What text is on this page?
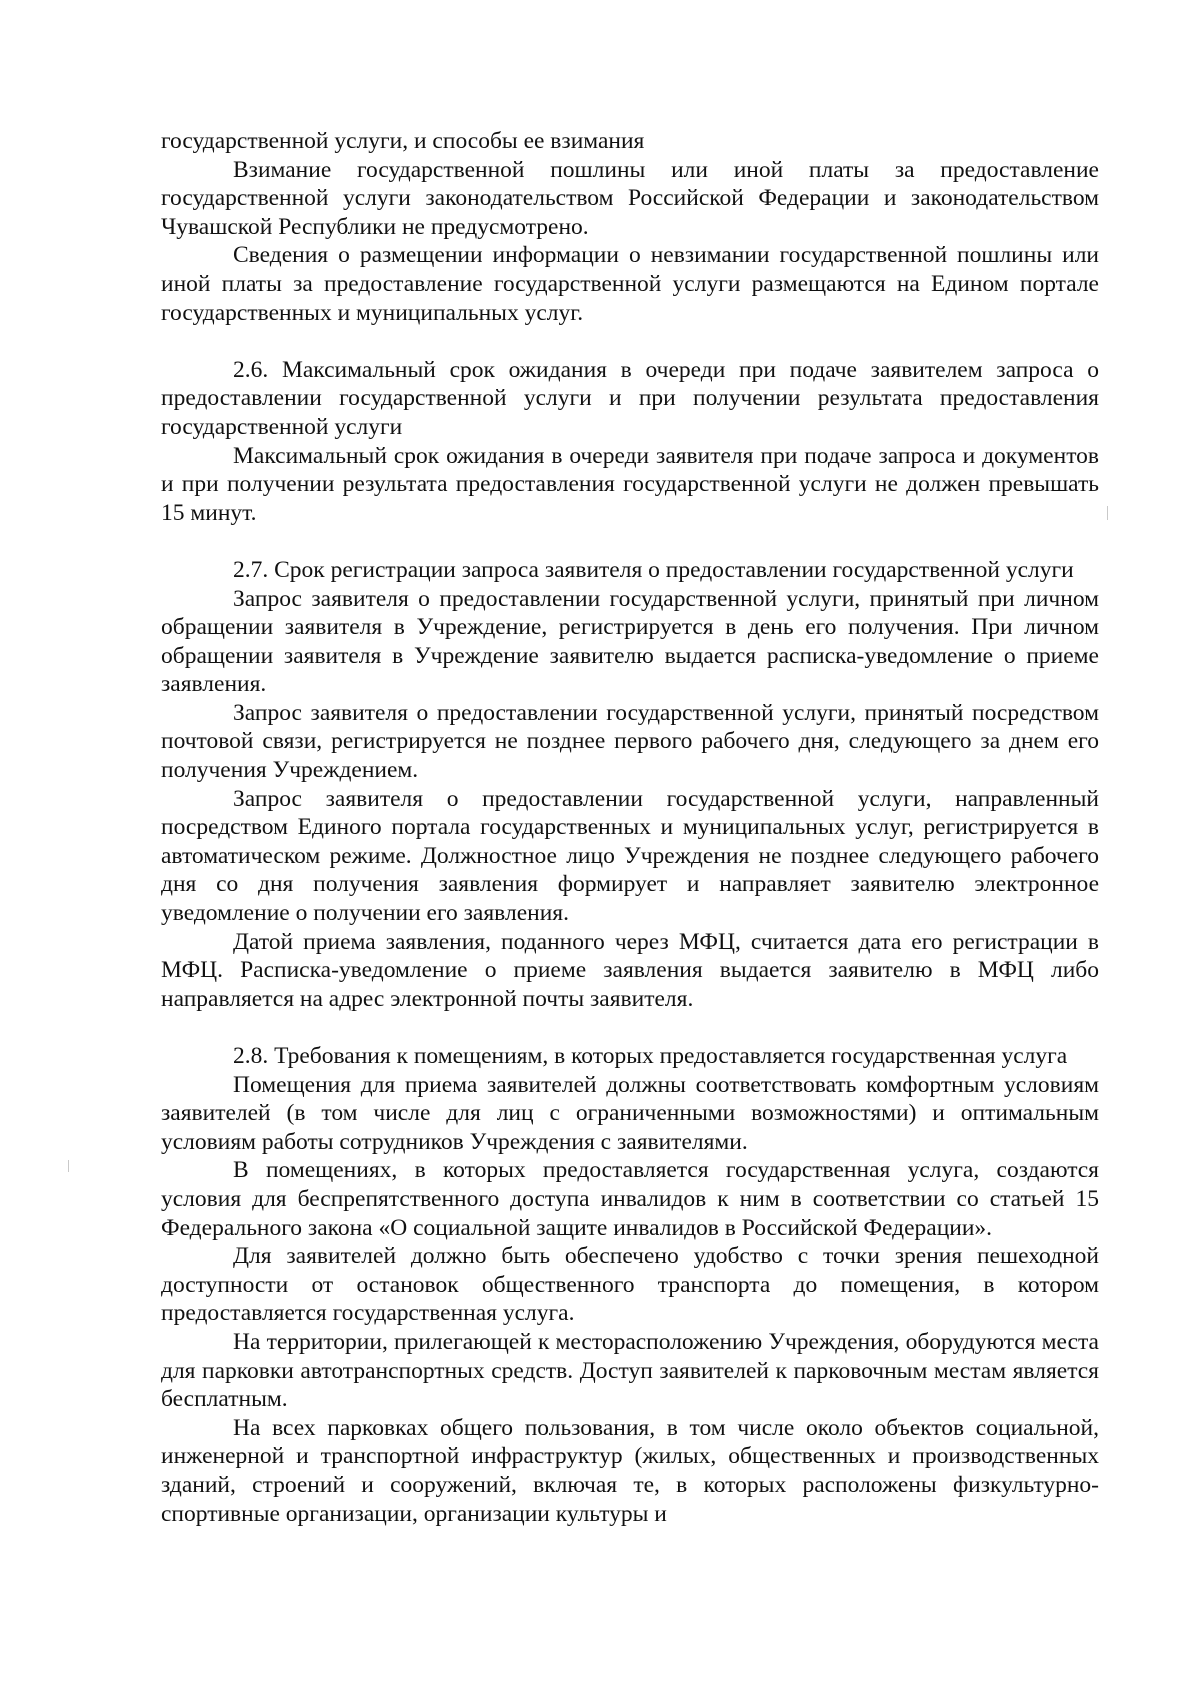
государственной услуги, и способы ее взимания

Взимание государственной пошлины или иной платы за предоставление государственной услуги законодательством Российской Федерации и законодательством Чувашской Республики не предусмотрено.

Сведения о размещении информации о невзимании государственной пошлины или иной платы за предоставление государственной услуги размещаются на Едином портале государственных и муниципальных услуг.

2.6. Максимальный срок ожидания в очереди при подаче заявителем запроса о предоставлении государственной услуги и при получении результата предоставления государственной услуги

Максимальный срок ожидания в очереди заявителя при подаче запроса и документов и при получении результата предоставления государственной услуги не должен превышать 15 минут.

2.7. Срок регистрации запроса заявителя о предоставлении государственной услуги

Запрос заявителя о предоставлении государственной услуги, принятый при личном обращении заявителя в Учреждение, регистрируется в день его получения. При личном обращении заявителя в Учреждение заявителю выдается расписка-уведомление о приеме заявления.

Запрос заявителя о предоставлении государственной услуги, принятый посредством почтовой связи, регистрируется не позднее первого рабочего дня, следующего за днем его получения Учреждением.

Запрос заявителя о предоставлении государственной услуги, направленный посредством Единого портала государственных и муниципальных услуг, регистрируется в автоматическом режиме. Должностное лицо Учреждения не позднее следующего рабочего дня со дня получения заявления формирует и направляет заявителю электронное уведомление о получении его заявления.

Датой приема заявления, поданного через МФЦ, считается дата его регистрации в МФЦ. Расписка-уведомление о приеме заявления выдается заявителю в МФЦ либо направляется на адрес электронной почты заявителя.

2.8. Требования к помещениям, в которых предоставляется государственная услуга

Помещения для приема заявителей должны соответствовать комфортным условиям заявителей (в том числе для лиц с ограниченными возможностями) и оптимальным условиям работы сотрудников Учреждения с заявителями.

В помещениях, в которых предоставляется государственная услуга, создаются условия для беспрепятственного доступа инвалидов к ним в соответствии со статьей 15 Федерального закона «О социальной защите инвалидов в Российской Федерации».

Для заявителей должно быть обеспечено удобство с точки зрения пешеходной доступности от остановок общественного транспорта до помещения, в котором предоставляется государственная услуга.

На территории, прилегающей к месторасположению Учреждения, оборудуются места для парковки автотранспортных средств. Доступ заявителей к парковочным местам является бесплатным.

На всех парковках общего пользования, в том числе около объектов социальной, инженерной и транспортной инфраструктур (жилых, общественных и производственных зданий, строений и сооружений, включая те, в которых расположены физкультурно-спортивные организации, организации культуры и
